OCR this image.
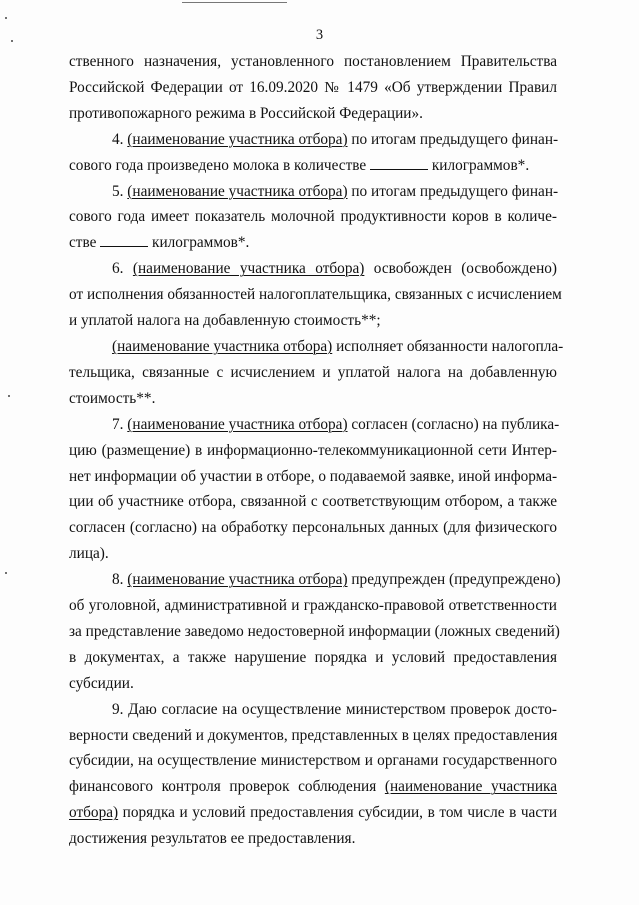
3
ственного назначения, установленного постановлением Правительства
Российской Федерации от 16.09.2020 № 1479 «Об утверждении Правил
противопожарного режима в Российской Федерации».
4. (наименование участника отбора) по итогам предыдущего финан-
сового года произведено молока в количестве	килограммов*.
5. (наименование участника отбора) по итогам предыдущего финан-
сового года имеет показатель молочной продуктивности коров в количе-
стве	килограммов*.
6. (наименование участника отбора) освобожден (освобождено)
от исполнения обязанностей налогоплательщика, связанных с исчислением
и уплатой налога на добавленную стоимость**;
(наименование участника отбора) исполняет обязанности налогопла-
тельщика, связанные с исчислением и уплатой налога на добавленную
стоимость**.
7. (наименование участника отбора) согласен (согласно) на публика-
цию (размещение) в информационно-телекоммуникационной сети Интер-
нет информации об участии в отборе, о подаваемой заявке, иной информа-
ции об участнике отбора, связанной с соответствующим отбором, а также
согласен (согласно) на обработку персональных данных (для физического
лица).
8. (наименование участника отбора) предупрежден (предупреждено)
об уголовной, административной и гражданско-правовой ответственности
за представление заведомо недостоверной информации (ложных сведений)
в документах, а также нарушение порядка и условий предоставления
субсидии.
9. Даю согласие на осуществление министерством проверок досто-
верности сведений и документов, представленных в целях предоставления
субсидии, на осуществление министерством и органами государственного
финансового контроля проверок соблюдения (наименование участника
отбора) порядка и условий предоставления субсидии, в том числе в части
достижения результатов ее предоставления.
